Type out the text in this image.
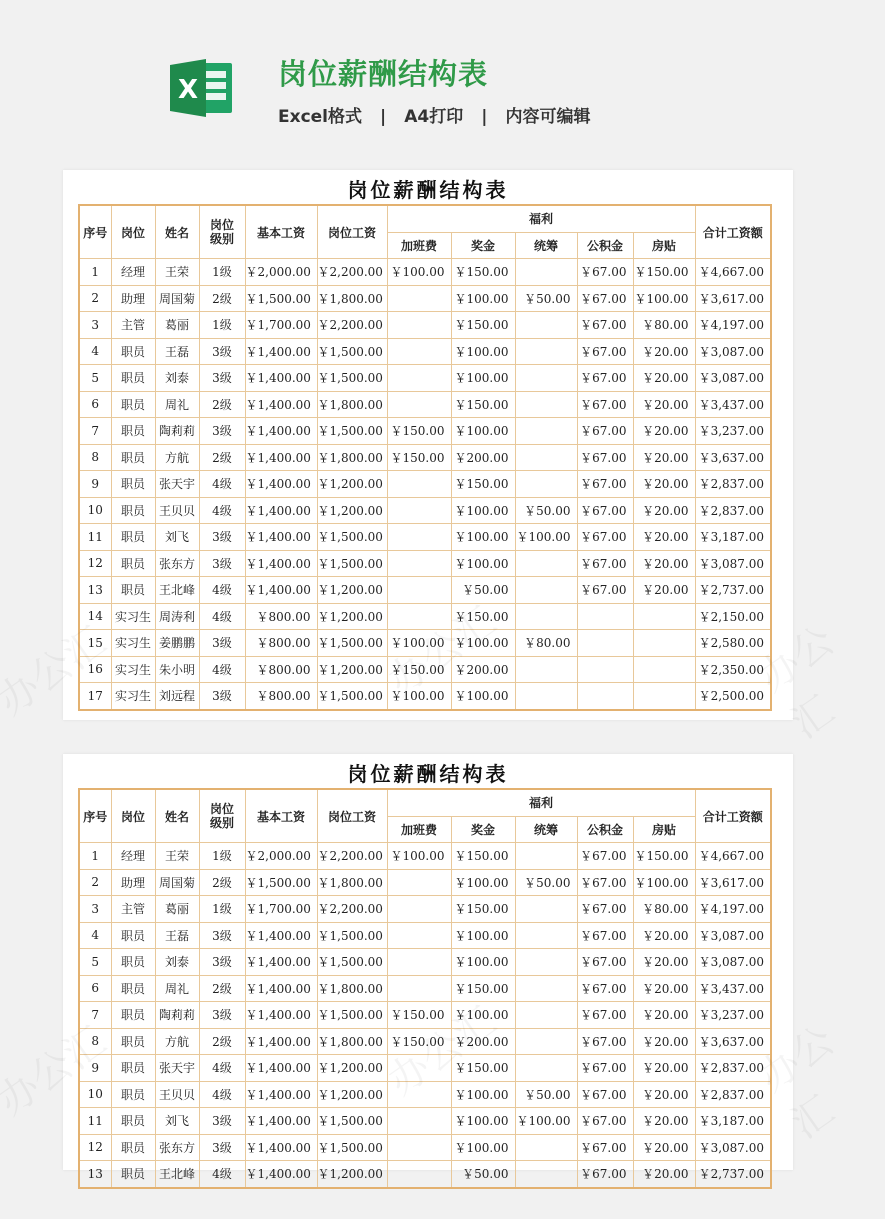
X	岗位薪酬结构表
Excel格式 | A4打印 | 内容可编辑
岗位薪酬结构表
序号	岗位	姓名	岗位
级别	基本工资	岗位工资	福利					合计工资额
						加班费	奖金	统筹	公积金	房贴	
1	经理	王荣	1级	￥2,000.00	￥2,200.00	￥100.00	￥150.00		￥67.00	￥150.00	￥4,667.00
2	助理	周国菊	2级	￥1,500.00	￥1,800.00		￥100.00	￥50.00	￥67.00	￥100.00	￥3,617.00
3	主管	葛丽	1级	￥1,700.00	￥2,200.00		￥150.00		￥67.00	￥80.00	￥4,197.00
4	职员	王磊	3级	￥1,400.00	￥1,500.00		￥100.00		￥67.00	￥20.00	￥3,087.00
5	职员	刘泰	3级	￥1,400.00	￥1,500.00		￥100.00		￥67.00	￥20.00	￥3,087.00
6	职员	周礼	2级	￥1,400.00	￥1,800.00		￥150.00		￥67.00	￥20.00	￥3,437.00
7	职员	陶莉莉	3级	￥1,400.00	￥1,500.00	￥150.00	￥100.00		￥67.00	￥20.00	￥3,237.00
8	职员	方航	2级	￥1,400.00	￥1,800.00	￥150.00	￥200.00		￥67.00	￥20.00	￥3,637.00
9	职员	张天宇	4级	￥1,400.00	￥1,200.00		￥150.00		￥67.00	￥20.00	￥2,837.00
10	职员	王贝贝	4级	￥1,400.00	￥1,200.00		￥100.00	￥50.00	￥67.00	￥20.00	￥2,837.00
11	职员	刘飞	3级	￥1,400.00	￥1,500.00		￥100.00	￥100.00	￥67.00	￥20.00	￥3,187.00
12	职员	张东方	3级	￥1,400.00	￥1,500.00		￥100.00		￥67.00	￥20.00	￥3,087.00
13	职员	王北峰	4级	￥1,400.00	￥1,200.00		￥50.00		￥67.00	￥20.00	￥2,737.00
14	实习生	周涛利	4级	￥800.00	￥1,200.00		￥150.00				￥2,150.00
15	实习生	姜鹏鹏	3级	￥800.00	￥1,500.00	￥100.00	￥100.00	￥80.00			￥2,580.00
16	实习生	朱小明	4级	￥800.00	￥1,200.00	￥150.00	￥200.00				￥2,350.00
17	实习生	刘远程	3级	￥800.00	￥1,500.00	￥100.00	￥100.00				￥2,500.00
岗位薪酬结构表
序号	岗位	姓名	岗位
级别	基本工资	岗位工资	福利					合计工资额
						加班费	奖金	统筹	公积金	房贴	
1	经理	王荣	1级	￥2,000.00	￥2,200.00	￥100.00	￥150.00		￥67.00	￥150.00	￥4,667.00
2	助理	周国菊	2级	￥1,500.00	￥1,800.00		￥100.00	￥50.00	￥67.00	￥100.00	￥3,617.00
3	主管	葛丽	1级	￥1,700.00	￥2,200.00		￥150.00		￥67.00	￥80.00	￥4,197.00
4	职员	王磊	3级	￥1,400.00	￥1,500.00		￥100.00		￥67.00	￥20.00	￥3,087.00
5	职员	刘泰	3级	￥1,400.00	￥1,500.00		￥100.00		￥67.00	￥20.00	￥3,087.00
6	职员	周礼	2级	￥1,400.00	￥1,800.00		￥150.00		￥67.00	￥20.00	￥3,437.00
7	职员	陶莉莉	3级	￥1,400.00	￥1,500.00	￥150.00	￥100.00		￥67.00	￥20.00	￥3,237.00
8	职员	方航	2级	￥1,400.00	￥1,800.00	￥150.00	￥200.00		￥67.00	￥20.00	￥3,637.00
9	职员	张天宇	4级	￥1,400.00	￥1,200.00		￥150.00		￥67.00	￥20.00	￥2,837.00
10	职员	王贝贝	4级	￥1,400.00	￥1,200.00		￥100.00	￥50.00	￥67.00	￥20.00	￥2,837.00
11	职员	刘飞	3级	￥1,400.00	￥1,500.00		￥100.00	￥100.00	￥67.00	￥20.00	￥3,187.00
12	职员	张东方	3级	￥1,400.00	￥1,500.00		￥100.00		￥67.00	￥20.00	￥3,087.00
13	职员	王北峰	4级	￥1,400.00	￥1,200.00		￥50.00		￥67.00	￥20.00	￥2,737.00
